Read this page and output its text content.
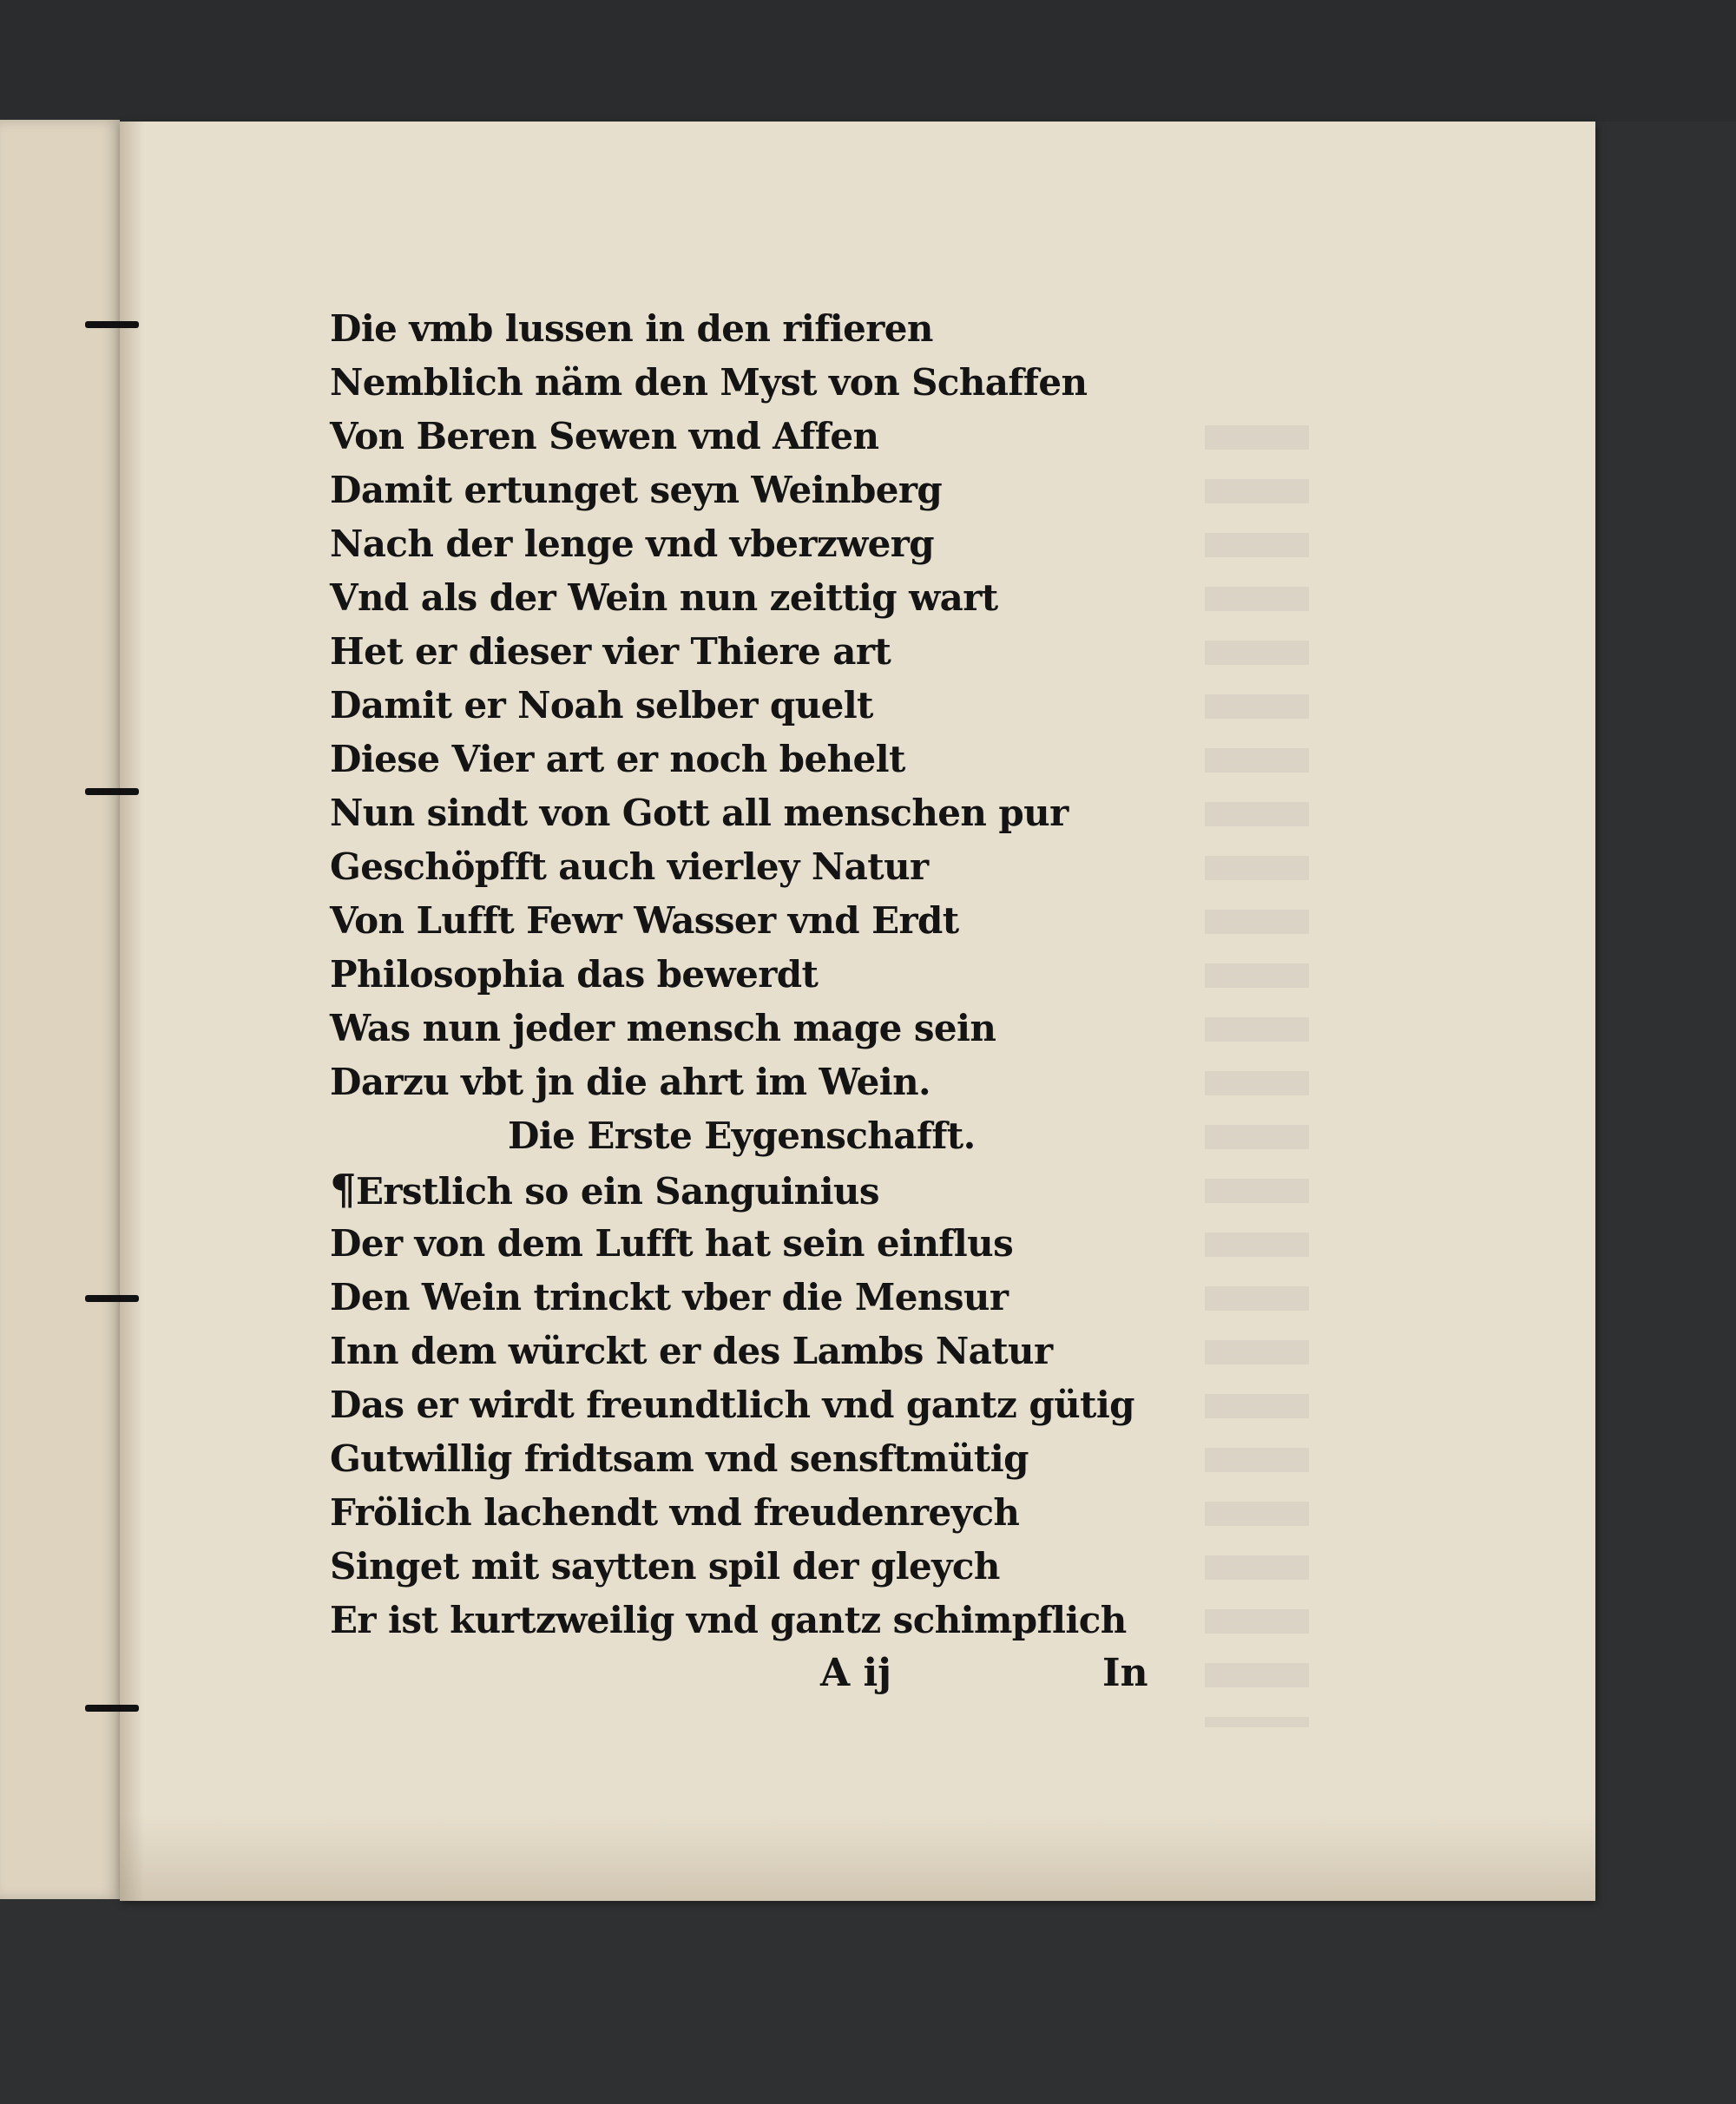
Die vmb lussen in den rifieren
Nemblich näm den Myst von Schaffen
Von Beren Sewen vnd Affen
Damit ertunget seyn Weinberg
Nach der lenge vnd vberzwerg
Vnd als der Wein nun zeittig wart
Het er dieser vier Thiere art
Damit er Noah selber quelt
Diese Vier art er noch behelt
Nun sindt von Gott all menschen pur
Geschöpfft auch vierley Natur
Von Lufft Fewr Wasser vnd Erdt
Philosophia das bewerdt
Was nun jeder mensch mage sein
Darzu vbt jn die ahrt im Wein.
Die Erste Eygenschafft.
¶Erstlich so ein Sanguinius
Der von dem Lufft hat sein einflus
Den Wein trinckt vber die Mensur
Inn dem würckt er des Lambs Natur
Das er wirdt freundtlich vnd gantz gütig
Gutwillig fridtsam vnd sensftmütig
Frölich lachendt vnd freudenreych
Singet mit saytten spil der gleych
Er ist kurtzweilig vnd gantz schimpflich
A ij	In
